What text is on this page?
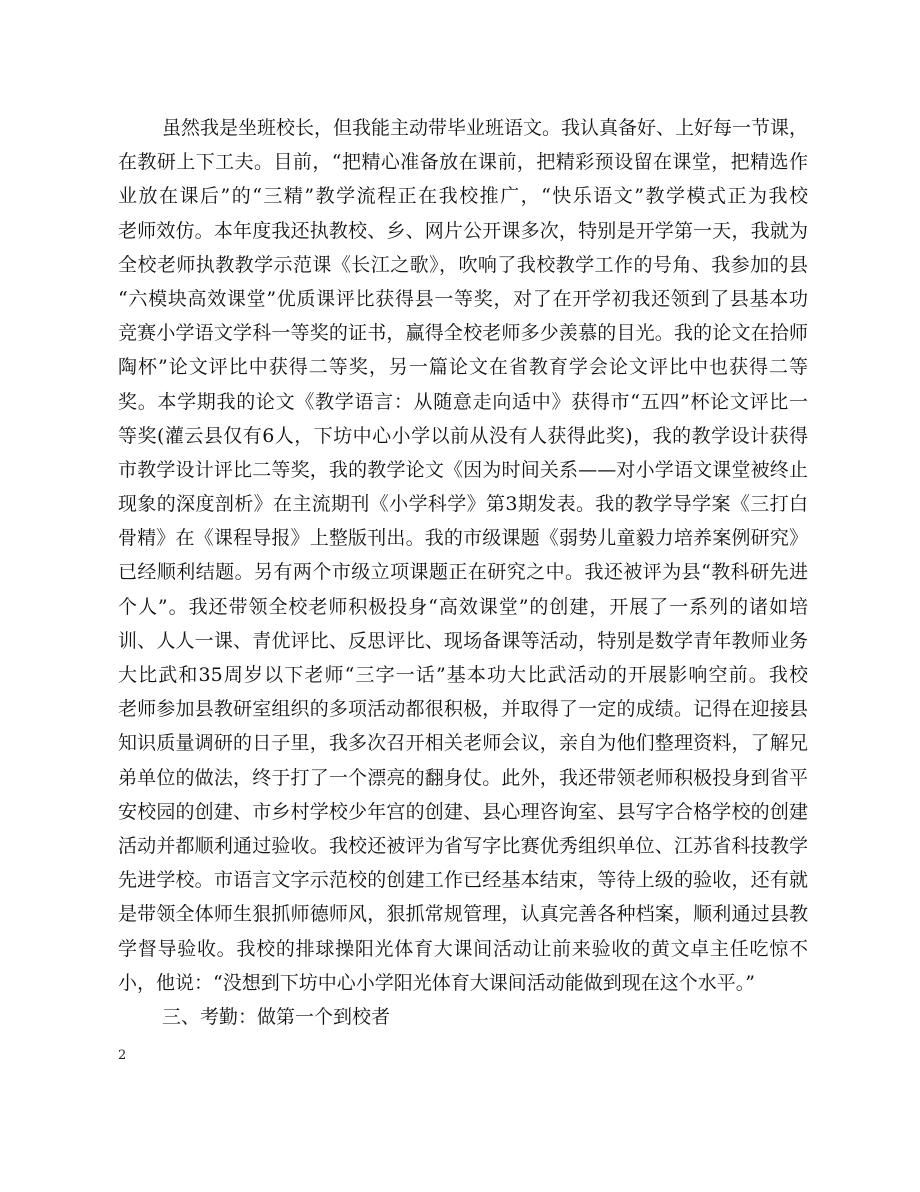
虽然我是坐班校长，但我能主动带毕业班语文。我认真备好、上好每一节课，
在教研上下工夫。目前，“把精心准备放在课前，把精彩预设留在课堂，把精选作
业放在课后”的“三精”教学流程正在我校推广，“快乐语文”教学模式正为我校
老师效仿。本年度我还执教校、乡、网片公开课多次，特别是开学第一天，我就为
全校老师执教教学示范课《长江之歌》，吹响了我校教学工作的号角、我参加的县
“六模块高效课堂”优质课评比获得县一等奖，对了在开学初我还领到了县基本功
竞赛小学语文学科一等奖的证书，赢得全校老师多少羡慕的目光。我的论文在拾师
陶杯”论文评比中获得二等奖，另一篇论文在省教育学会论文评比中也获得二等
奖。本学期我的论文《教学语言：从随意走向适中》获得市“五四”杯论文评比一
等奖(灌云县仅有6人，下坊中心小学以前从没有人获得此奖)，我的教学设计获得
市教学设计评比二等奖，我的教学论文《因为时间关系——对小学语文课堂被终止
现象的深度剖析》在主流期刊《小学科学》第3期发表。我的教学导学案《三打白
骨精》在《课程导报》上整版刊出。我的市级课题《弱势儿童毅力培养案例研究》
已经顺利结题。另有两个市级立项课题正在研究之中。我还被评为县“教科研先进
个人”。我还带领全校老师积极投身“高效课堂”的创建，开展了一系列的诸如培
训、人人一课、青优评比、反思评比、现场备课等活动，特别是数学青年教师业务
大比武和35周岁以下老师“三字一话”基本功大比武活动的开展影响空前。我校
老师参加县教研室组织的多项活动都很积极，并取得了一定的成绩。记得在迎接县
知识质量调研的日子里，我多次召开相关老师会议，亲自为他们整理资料，了解兄
弟单位的做法，终于打了一个漂亮的翻身仗。此外，我还带领老师积极投身到省平
安校园的创建、市乡村学校少年宫的创建、县心理咨询室、县写字合格学校的创建
活动并都顺利通过验收。我校还被评为省写字比赛优秀组织单位、江苏省科技教学
先进学校。市语言文字示范校的创建工作已经基本结束，等待上级的验收，还有就
是带领全体师生狠抓师德师风，狠抓常规管理，认真完善各种档案，顺利通过县教
学督导验收。我校的排球操阳光体育大课间活动让前来验收的黄文卓主任吃惊不
小，他说：“没想到下坊中心小学阳光体育大课间活动能做到现在这个水平。”
三、考勤：做第一个到校者
2
